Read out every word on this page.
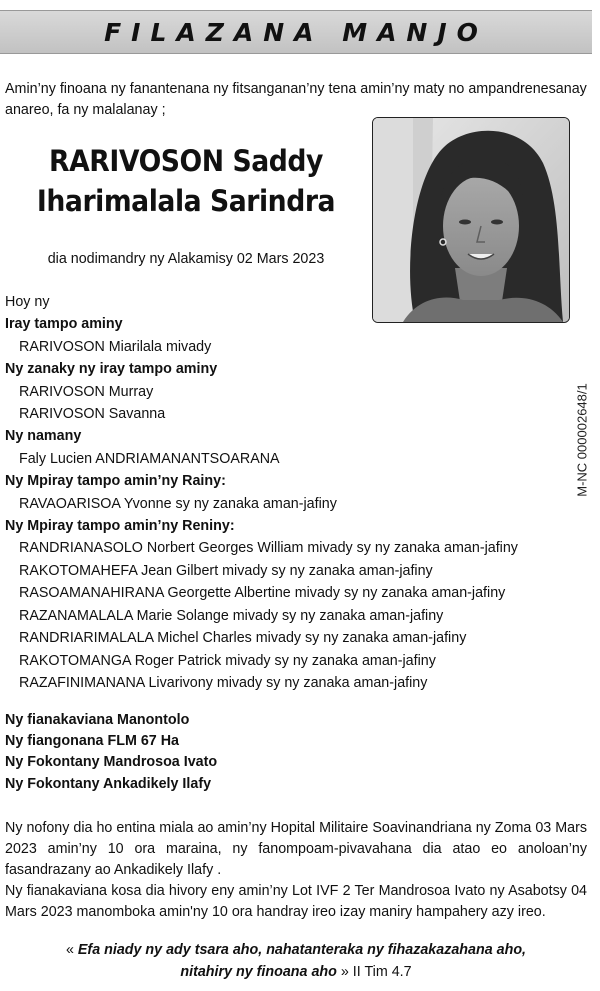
FILAZANA MANJO
Amin’ny finoana ny fanantenana ny fitsanganan’ny tena amin’ny maty no ampandrenesanay anareo, fa ny malalanay ;
RARIVOSON Saddy
Iharimalala Sarindra
dia nodimandry ny Alakamisy 02 Mars 2023
M-NC 000002648/1
Hoy ny
Iray tampo aminy
RARIVOSON Miarilala mivady
Ny zanaky ny iray tampo aminy
RARIVOSON Murray
RARIVOSON Savanna
Ny namany
Faly Lucien ANDRIAMANANTSOARANA
Ny Mpiray tampo amin’ny Rainy:
RAVAOARISOA Yvonne sy ny zanaka aman-jafiny
Ny Mpiray tampo amin’ny Reniny:
RANDRIANASOLO Norbert Georges William mivady sy ny zanaka aman-jafiny
RAKOTOMAHEFA Jean Gilbert mivady sy ny zanaka aman-jafiny
RASOAMANAHIRANA Georgette Albertine mivady sy ny zanaka aman-jafiny
RAZANAMALALA Marie Solange mivady sy ny zanaka aman-jafiny
RANDRIARIMALALA Michel Charles mivady sy ny zanaka aman-jafiny
RAKOTOMANGA Roger Patrick mivady sy ny zanaka aman-jafiny
RAZAFINIMANANA Livarivony mivady sy ny zanaka aman-jafiny
Ny fianakaviana Manontolo
Ny fiangonana FLM 67 Ha
Ny Fokontany Mandrosoa Ivato
Ny Fokontany Ankadikely Ilafy
Ny nofony dia ho entina miala ao amin’ny Hopital Militaire Soavinandriana ny Zoma 03 Mars 2023 amin’ny 10 ora maraina, ny fanompoam-pivavahana dia atao eo anoloan’ny fasandrazany ao Ankadikely Ilafy .
Ny fianakaviana kosa dia hivory eny amin’ny Lot IVF 2 Ter Mandrosoa Ivato ny Asabotsy 04 Mars 2023 manomboka amin'ny 10 ora handray ireo izay maniry hampahery azy ireo.
« Efa niady ny ady tsara aho, nahatanteraka ny fihazakazahana aho,
nitahiry ny finoana aho » II Tim 4.7
